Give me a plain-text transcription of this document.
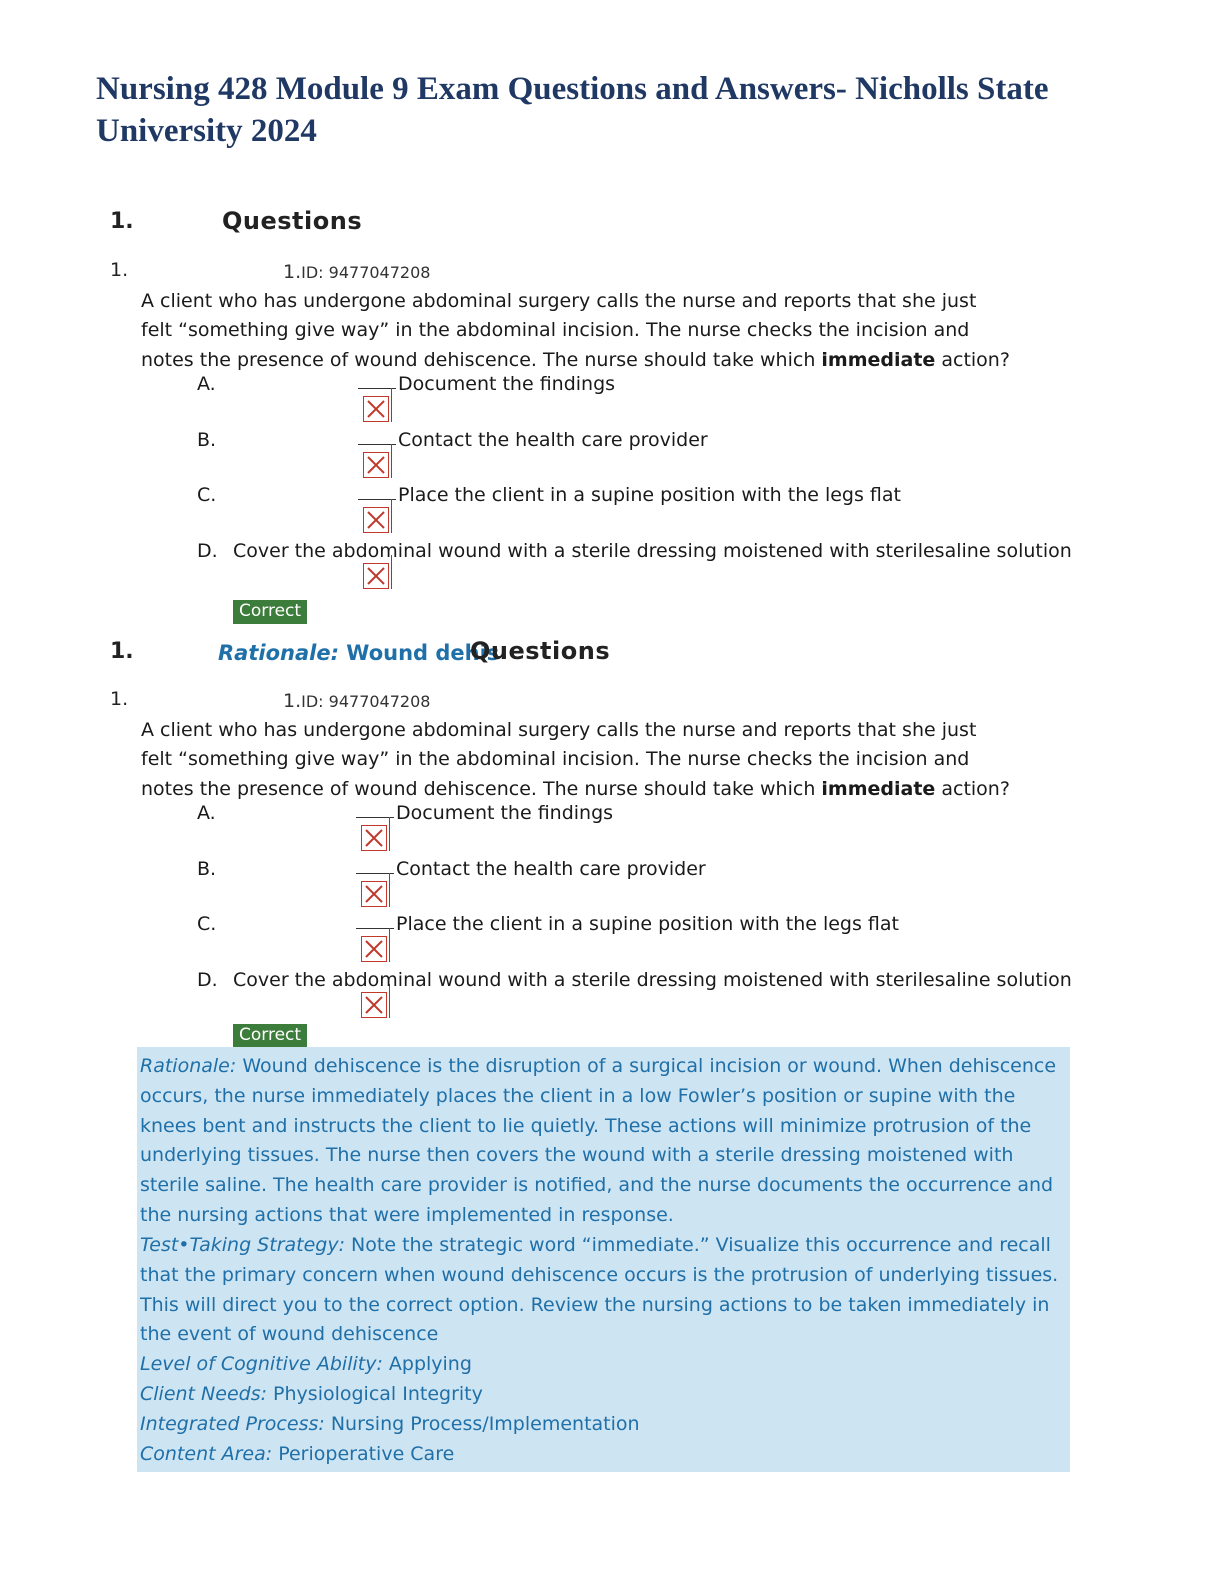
Nursing 428 Module 9 Exam Questions and Answers- Nicholls State University 2024
1.	Questions
1.	1.ID: 9477047208
A client who has undergone abdominal surgery calls the nurse and reports that she just felt “something give way” in the abdominal incision. The nurse checks the incision and notes the presence of wound dehiscence. The nurse should take which immediate action?
A.	Document the findings
B.	Contact the health care provider
C.	Place the client in a supine position with the legs flat
D. Cover the abdominal wound with a sterile dressing moistened with sterilesaline solution
Correct
1.	Rationale: Wound dehis
Questions
1.	1.ID: 9477047208
A client who has undergone abdominal surgery calls the nurse and reports that she just felt “something give way” in the abdominal incision. The nurse checks the incision and notes the presence of wound dehiscence. The nurse should take which immediate action?
A.	Document the findings
B.	Contact the health care provider
C.	Place the client in a supine position with the legs flat
D. Cover the abdominal wound with a sterile dressing moistened with sterilesaline solution
Correct

Rationale: Wound dehiscence is the disruption of a surgical incision or wound. When dehiscence occurs, the nurse immediately places the client in a low Fowler’s position or supine with the knees bent and instructs the client to lie quietly. These actions will minimize protrusion of the underlying tissues. The nurse then covers the wound with a sterile dressing moistened with sterile saline. The health care provider is notified, and the nurse documents the occurrence and the nursing actions that were implemented in response.

Test•Taking Strategy: Note the strategic word “immediate.” Visualize this occurrence and recall that the primary concern when wound dehiscence occurs is the protrusion of underlying tissues. This will direct you to the correct option. Review the nursing actions to be taken immediately in the event of wound dehiscence

Level of Cognitive Ability: Applying

Client Needs: Physiological Integrity

Integrated Process: Nursing Process/Implementation

Content Area: Perioperative Care
